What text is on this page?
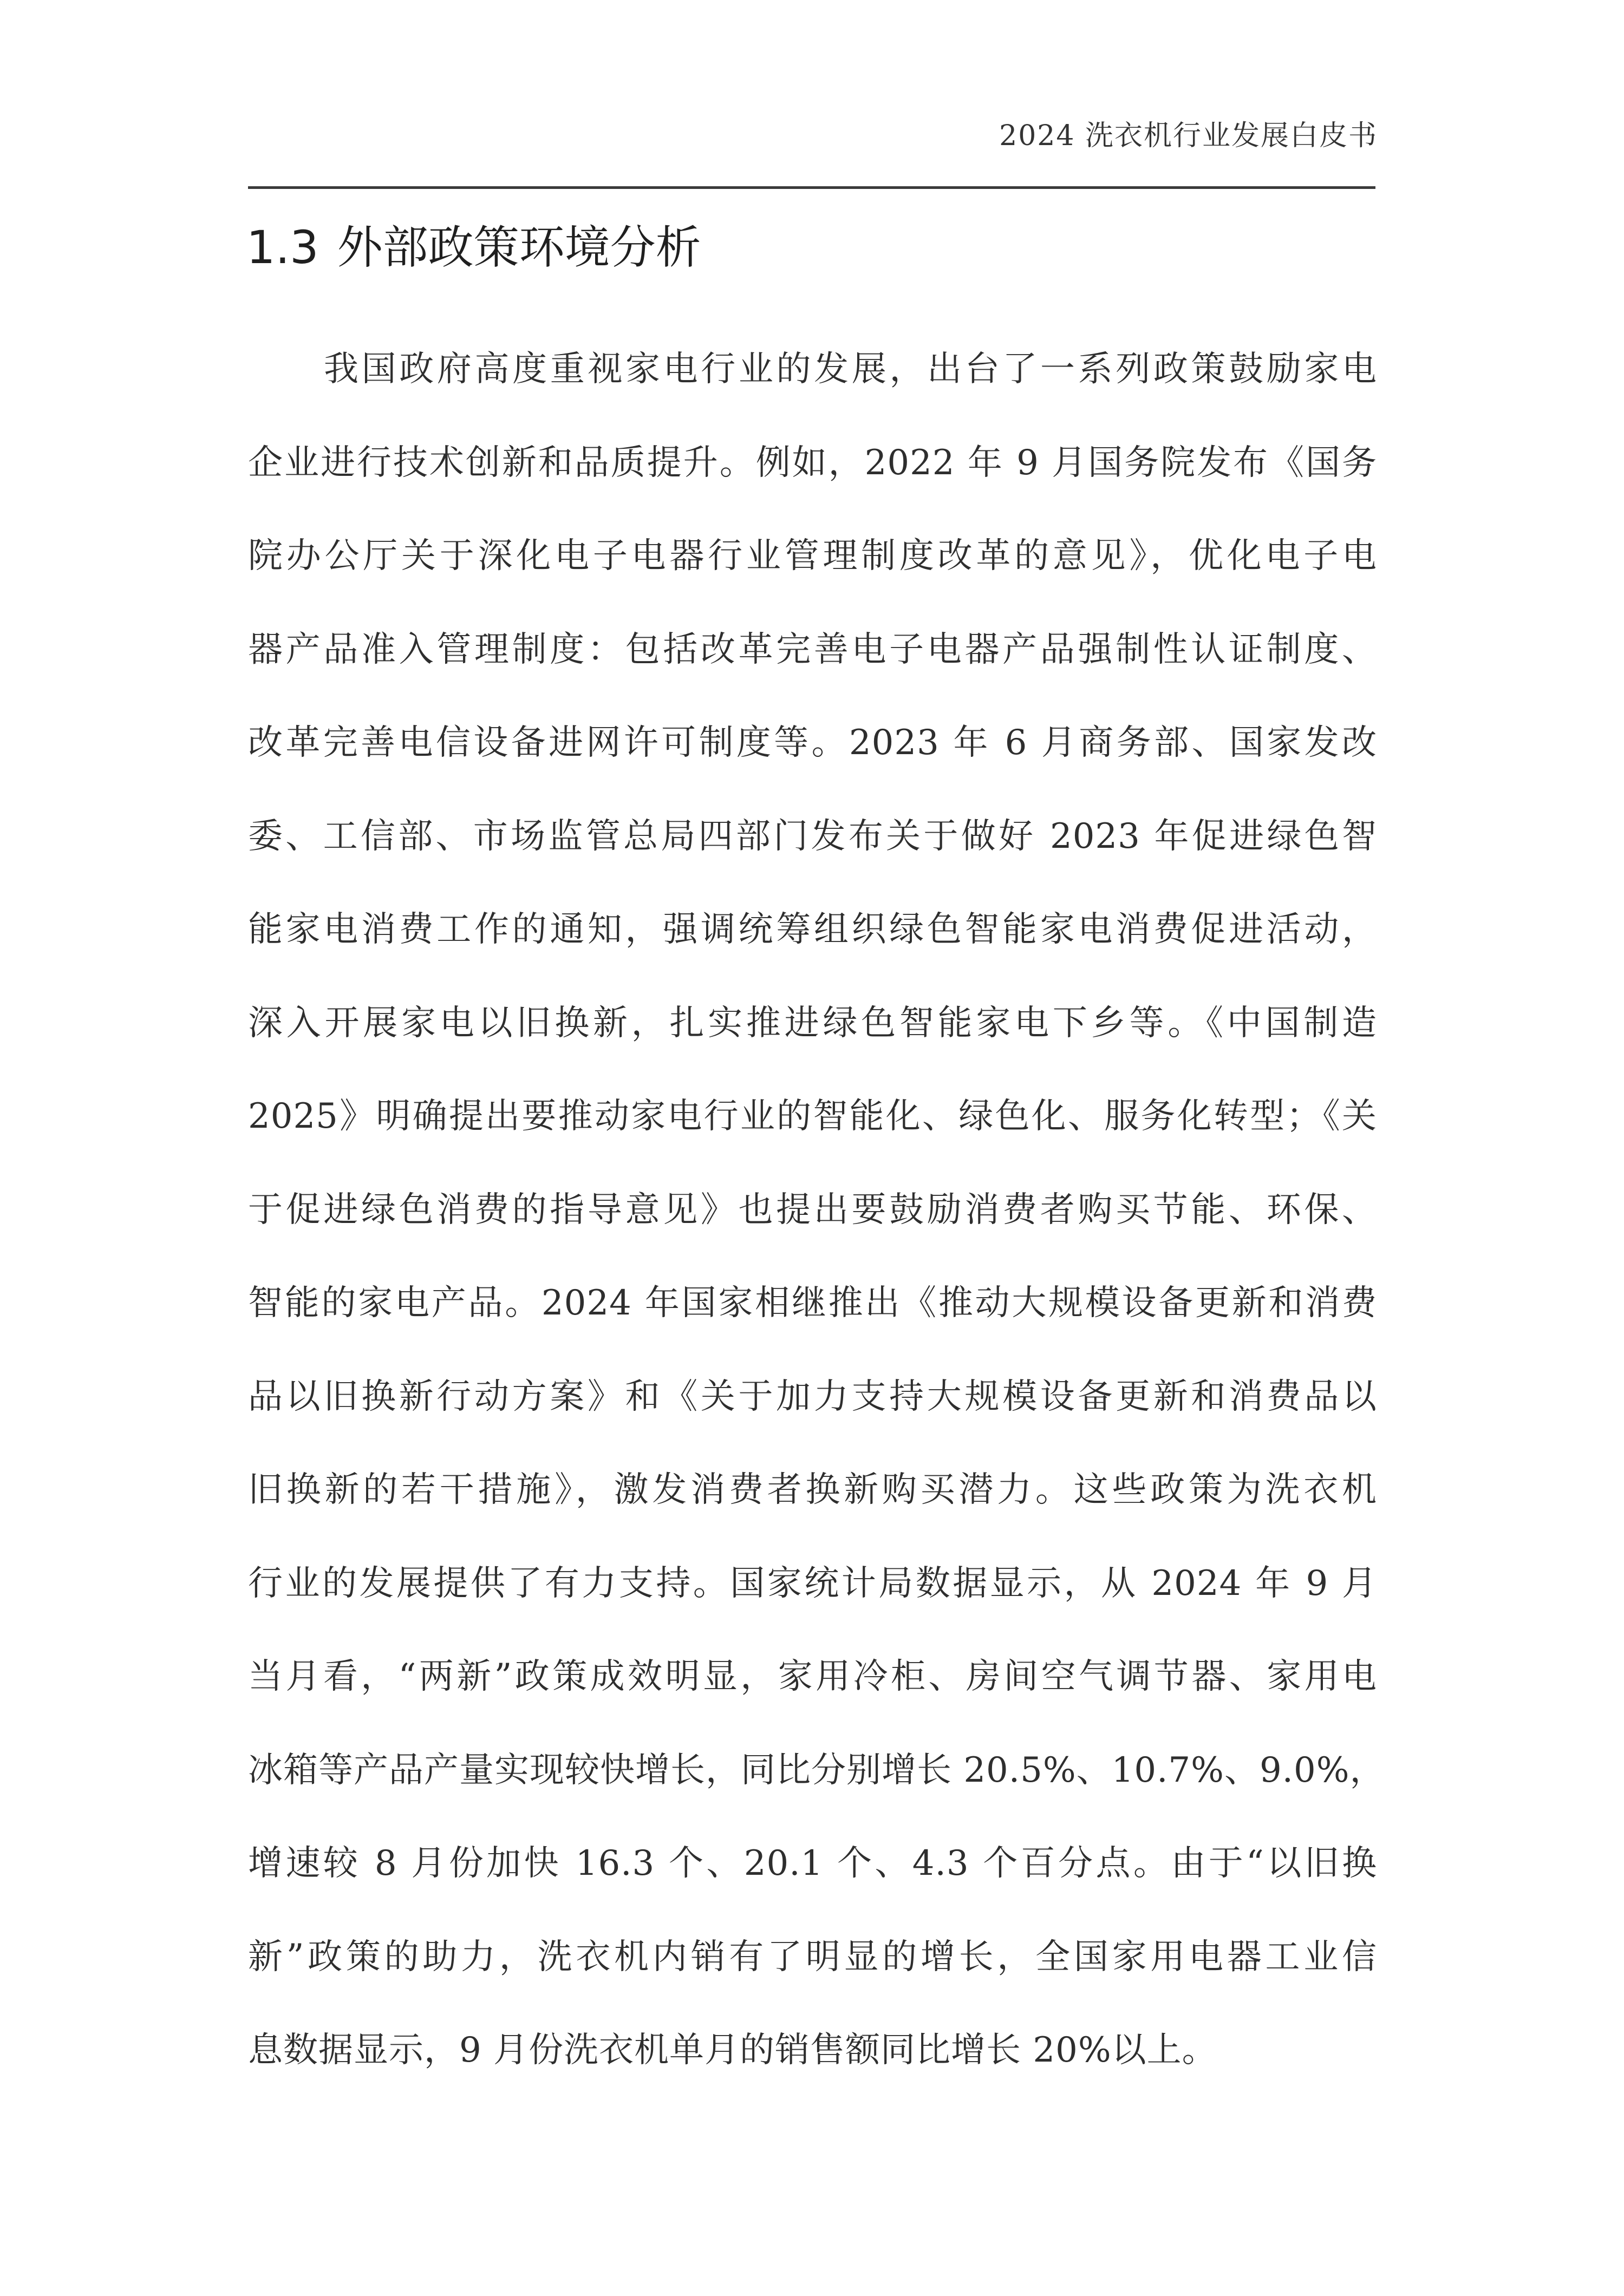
2024 洗衣机行业发展白皮书
1.3 外部政策环境分析
我国政府高度重视家电行业的发展，出台了一系列政策鼓励家电
企业进行技术创新和品质提升。例如，2022 年 9 月国务院发布《国务
院办公厅关于深化电子电器行业管理制度改革的意见》，优化电子电
器产品准入管理制度：包括改革完善电子电器产品强制性认证制度、
改革完善电信设备进网许可制度等。2023 年 6 月商务部、国家发改
委、工信部、市场监管总局四部门发布关于做好 2023 年促进绿色智
能家电消费工作的通知，强调统筹组织绿色智能家电消费促进活动，
深入开展家电以旧换新，扎实推进绿色智能家电下乡等。《中国制造
2025》明确提出要推动家电行业的智能化、绿色化、服务化转型；《关
于促进绿色消费的指导意见》也提出要鼓励消费者购买节能、环保、
智能的家电产品。2024 年国家相继推出《推动大规模设备更新和消费
品以旧换新行动方案》和《关于加力支持大规模设备更新和消费品以
旧换新的若干措施》，激发消费者换新购买潜力。这些政策为洗衣机
行业的发展提供了有力支持。国家统计局数据显示，从 2024 年 9 月
当月看，“两新”政策成效明显，家用冷柜、房间空气调节器、家用电
冰箱等产品产量实现较快增长，同比分别增长 20.5%、10.7%、9.0%，
增速较 8 月份加快 16.3 个、20.1 个、4.3 个百分点。由于“以旧换
新”政策的助力，洗衣机内销有了明显的增长，全国家用电器工业信
息数据显示，9 月份洗衣机单月的销售额同比增长 20%以上。
